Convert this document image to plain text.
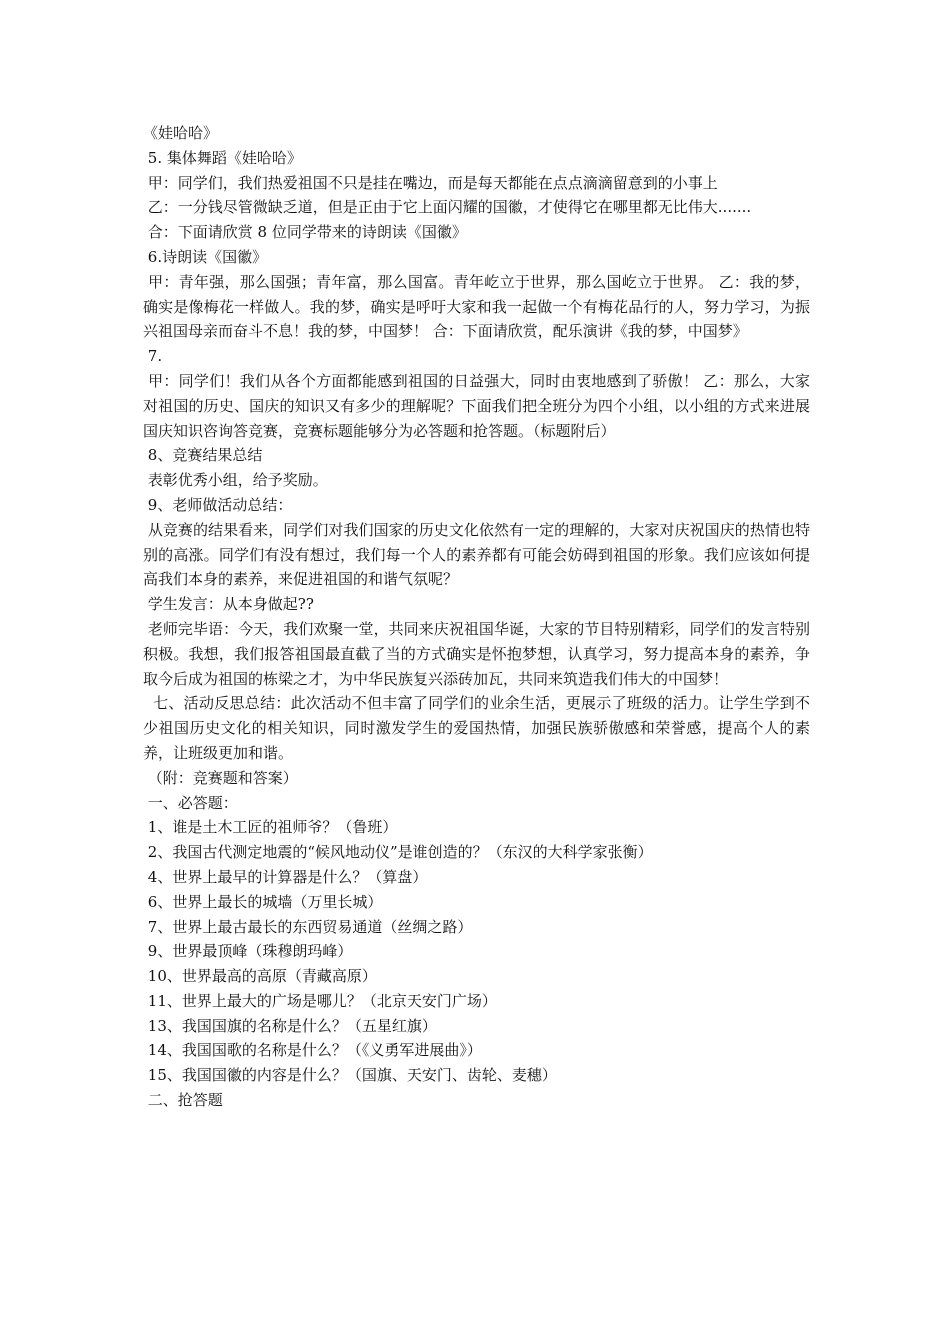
《娃哈哈》

5. 集体舞蹈《娃哈哈》

甲：同学们，我们热爱祖国不只是挂在嘴边，而是每天都能在点点滴滴留意到的小事上

乙：一分钱尽管微缺乏道，但是正由于它上面闪耀的国徽，才使得它在哪里都无比伟大.......

合：下面请欣赏 8 位同学带来的诗朗读《国徽》

6.诗朗读《国徽》

甲：青年强，那么国强；青年富，那么国富。青年屹立于世界，那么国屹立于世界。 乙：我的梦，确实是像梅花一样做人。我的梦，确实是呼吁大家和我一起做一个有梅花品行的人，努力学习，为振兴祖国母亲而奋斗不息！我的梦，中国梦！ 合：下面请欣赏，配乐演讲《我的梦，中国梦》

7.

甲：同学们！我们从各个方面都能感到祖国的日益强大，同时由衷地感到了骄傲！ 乙：那么，大家对祖国的历史、国庆的知识又有多少的理解呢？下面我们把全班分为四个小组，以小组的方式来进展国庆知识咨询答竞赛，竞赛标题能够分为必答题和抢答题。（标题附后）

8、竞赛结果总结

表彰优秀小组，给予奖励。

9、老师做活动总结：

从竞赛的结果看来，同学们对我们国家的历史文化依然有一定的理解的，大家对庆祝国庆的热情也特别的高涨。同学们有没有想过，我们每一个人的素养都有可能会妨碍到祖国的形象。我们应该如何提高我们本身的素养，来促进祖国的和谐气氛呢？

学生发言：从本身做起??

老师完毕语：今天，我们欢聚一堂，共同来庆祝祖国华诞，大家的节目特别精彩，同学们的发言特别积极。我想，我们报答祖国最直截了当的方式确实是怀抱梦想，认真学习，努力提高本身的素养，争取今后成为祖国的栋梁之才，为中华民族复兴添砖加瓦，共同来筑造我们伟大的中国梦！

七、活动反思总结：此次活动不但丰富了同学们的业余生活，更展示了班级的活力。让学生学到不少祖国历史文化的相关知识，同时激发学生的爱国热情，加强民族骄傲感和荣誉感，提高个人的素养，让班级更加和谐。

（附：竞赛题和答案）

一、必答题：

1、谁是土木工匠的祖师爷？（鲁班）

2、我国古代测定地震的“候风地动仪”是谁创造的？（东汉的大科学家张衡）

4、世界上最早的计算器是什么？（算盘）

6、世界上最长的城墙（万里长城）

7、世界上最古最长的东西贸易通道（丝绸之路）

9、世界最顶峰（珠穆朗玛峰）

10、世界最高的高原（青藏高原）

11、世界上最大的广场是哪儿？（北京天安门广场）

13、我国国旗的名称是什么？（五星红旗）

14、我国国歌的名称是什么？（《义勇军进展曲》）

15、我国国徽的内容是什么？（国旗、天安门、齿轮、麦穗）

二、抢答题
